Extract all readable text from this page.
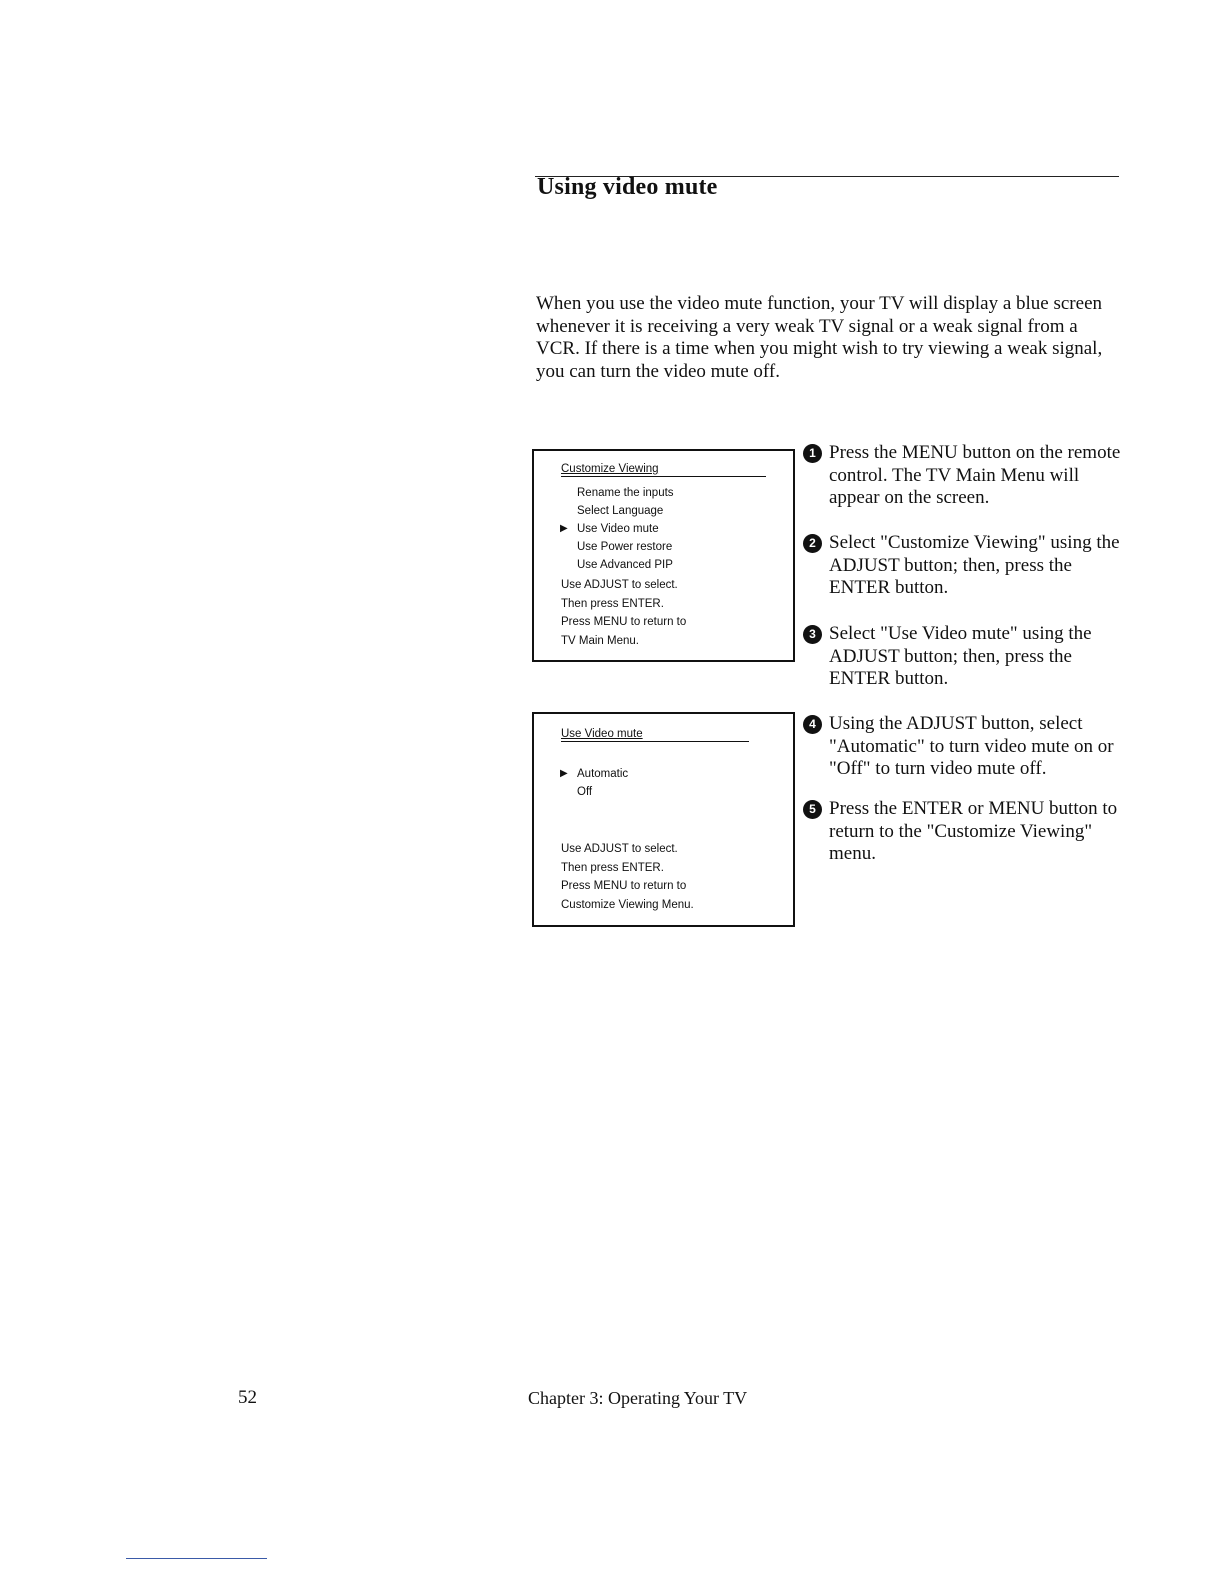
Using video mute

When you use the video mute function, your TV will display a blue screen whenever it is receiving a very weak TV signal or a weak signal from a VCR. If there is a time when you might wish to try viewing a weak signal, you can turn the video mute off.

Customize Viewing
Rename the inputs
Select Language
▶ Use Video mute
Use Power restore
Use Advanced PIP
Use ADJUST to select.
Then press ENTER.
Press MENU to return to
TV Main Menu.
Use Video mute
▶ Automatic
Off
Use ADJUST to select.
Then press ENTER.
Press MENU to return to
Customize Viewing Menu.
1 Press the MENU button on the remote control. The TV Main Menu will appear on the screen.
2 Select "Customize Viewing" using the ADJUST button; then, press the ENTER button.
3 Select "Use Video mute" using the ADJUST button; then, press the ENTER button.
4 Using the ADJUST button, select "Automatic" to turn video mute on or "Off" to turn video mute off.
5 Press the ENTER or MENU button to return to the "Customize Viewing" menu.
52	Chapter 3: Operating Your TV
